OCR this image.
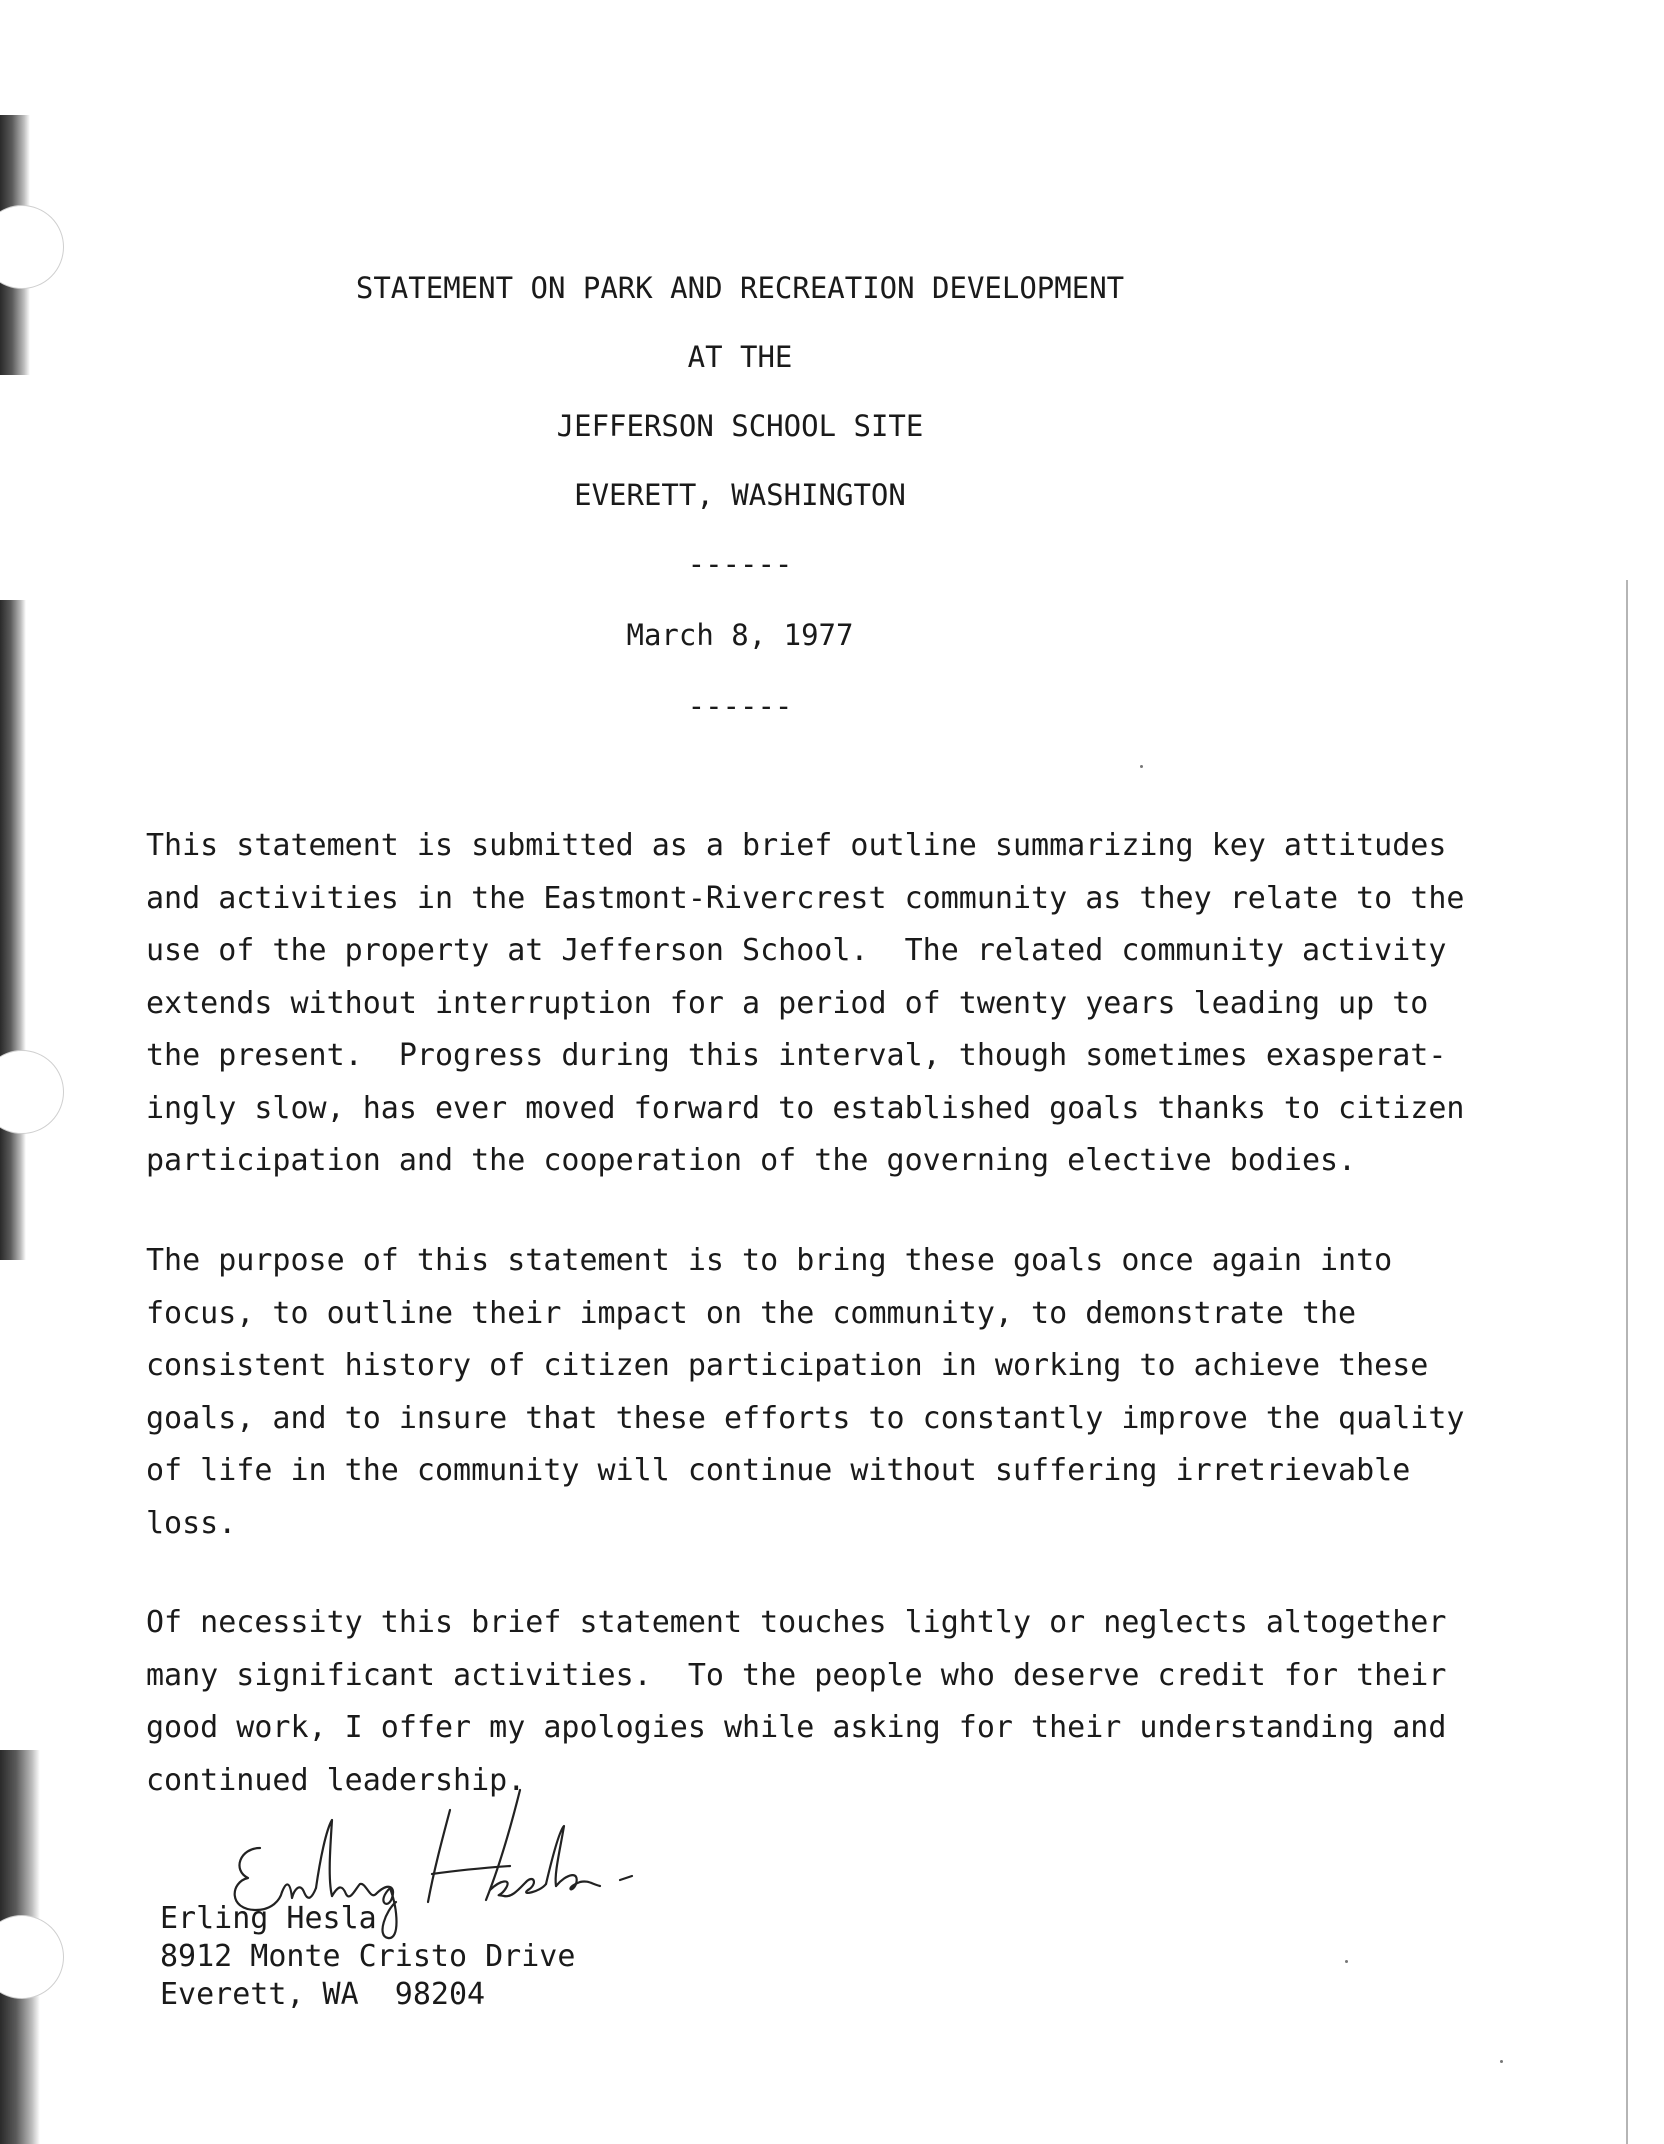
STATEMENT ON PARK AND RECREATION DEVELOPMENT
AT THE
JEFFERSON SCHOOL SITE
EVERETT, WASHINGTON
------
March 8, 1977
------
This statement is submitted as a brief outline summarizing key attitudes
and activities in the Eastmont-Rivercrest community as they relate to the
use of the property at Jefferson School.  The related community activity
extends without interruption for a period of twenty years leading up to
the present.  Progress during this interval, though sometimes exasperat-
ingly slow, has ever moved forward to established goals thanks to citizen
participation and the cooperation of the governing elective bodies.
The purpose of this statement is to bring these goals once again into
focus, to outline their impact on the community, to demonstrate the
consistent history of citizen participation in working to achieve these
goals, and to insure that these efforts to constantly improve the quality
of life in the community will continue without suffering irretrievable
loss.
Of necessity this brief statement touches lightly or neglects altogether
many significant activities.  To the people who deserve credit for their
good work, I offer my apologies while asking for their understanding and
continued leadership.
Erling Hesla
8912 Monte Cristo Drive
Everett, WA  98204
